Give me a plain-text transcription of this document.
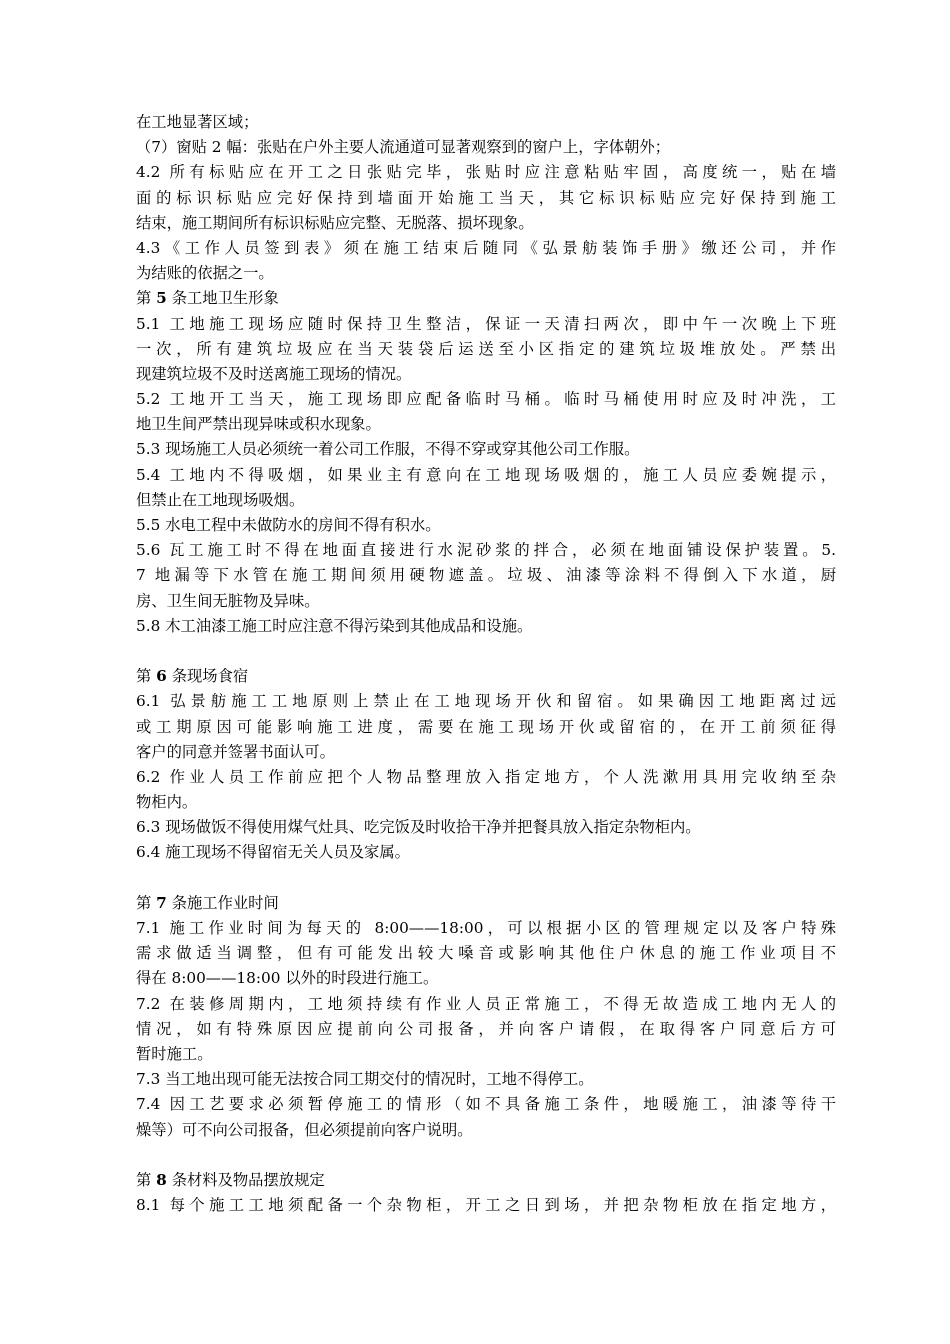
在工地显著区域；
（7）窗贴 2 幅：张贴在户外主要人流通道可显著观察到的窗户上，字体朝外；
4.2 所有标贴应在开工之日张贴完毕，张贴时应注意粘贴牢固，高度统一，贴在墙
面的标识标贴应完好保持到墙面开始施工当天，其它标识标贴应完好保持到施工
结束，施工期间所有标识标贴应完整、无脱落、损坏现象。
4.3《工作人员签到表》须在施工结束后随同《弘景舫装饰手册》缴还公司，并作
为结账的依据之一。
第 5 条工地卫生形象
5.1 工地施工现场应随时保持卫生整洁，保证一天清扫两次，即中午一次晚上下班
一次，所有建筑垃圾应在当天装袋后运送至小区指定的建筑垃圾堆放处。严禁出
现建筑垃圾不及时送离施工现场的情况。
5.2 工地开工当天，施工现场即应配备临时马桶。临时马桶使用时应及时冲洗，工
地卫生间严禁出现异味或积水现象。
5.3 现场施工人员必须统一着公司工作服，不得不穿或穿其他公司工作服。
5.4 工地内不得吸烟，如果业主有意向在工地现场吸烟的，施工人员应委婉提示，
但禁止在工地现场吸烟。
5.5 水电工程中未做防水的房间不得有积水。
5.6 瓦工施工时不得在地面直接进行水泥砂浆的拌合，必须在地面铺设保护装置。5.
7 地漏等下水管在施工期间须用硬物遮盖。垃圾、油漆等涂料不得倒入下水道，厨
房、卫生间无脏物及异味。
5.8 木工油漆工施工时应注意不得污染到其他成品和设施。
第 6 条现场食宿
6.1 弘景舫施工工地原则上禁止在工地现场开伙和留宿。如果确因工地距离过远
或工期原因可能影响施工进度，需要在施工现场开伙或留宿的，在开工前须征得
客户的同意并签署书面认可。
6.2 作业人员工作前应把个人物品整理放入指定地方，个人洗漱用具用完收纳至杂
物柜内。
6.3 现场做饭不得使用煤气灶具、吃完饭及时收拾干净并把餐具放入指定杂物柜内。
6.4 施工现场不得留宿无关人员及家属。
第 7 条施工作业时间
7.1 施工作业时间为每天的 8:00——18:00，可以根据小区的管理规定以及客户特殊
需求做适当调整，但有可能发出较大嗓音或影响其他住户休息的施工作业项目不
得在 8:00——18:00 以外的时段进行施工。
7.2 在装修周期内，工地须持续有作业人员正常施工，不得无故造成工地内无人的
情况，如有特殊原因应提前向公司报备，并向客户请假，在取得客户同意后方可
暂时施工。
7.3 当工地出现可能无法按合同工期交付的情况时，工地不得停工。
7.4 因工艺要求必须暂停施工的情形（如不具备施工条件，地暖施工，油漆等待干
燥等）可不向公司报备，但必须提前向客户说明。
第 8 条材料及物品摆放规定
8.1 每个施工工地须配备一个杂物柜，开工之日到场，并把杂物柜放在指定地方，
